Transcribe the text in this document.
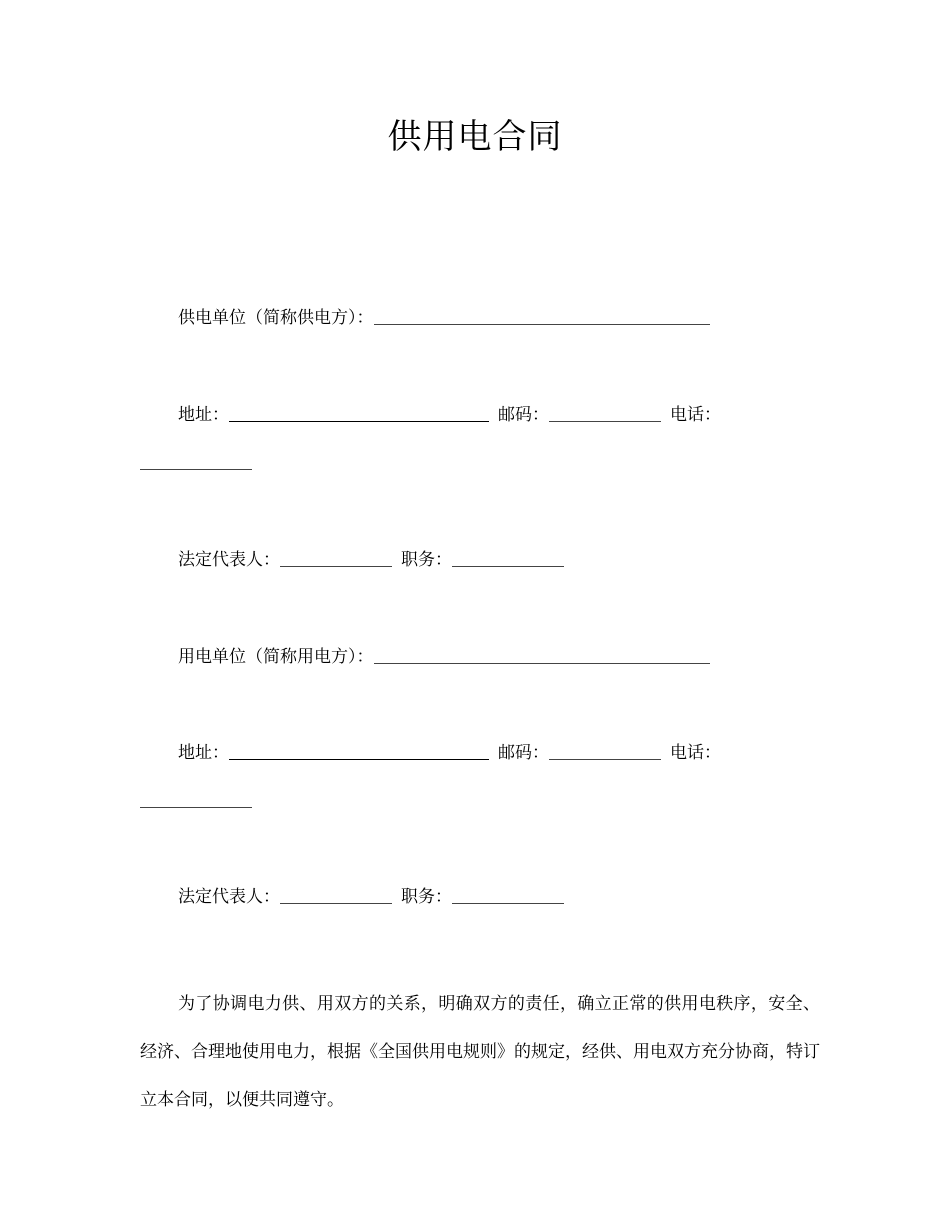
供用电合同
供电单位（简称供电方）：
地址：	邮码：	电话：
法定代表人：	职务：
用电单位（简称用电方）：
地址：	邮码：	电话：
法定代表人：	职务：

为了协调电力供、用双方的关系，明确双方的责任，确立正常的供用电秩序，安全、经济、合理地使用电力，根据《全国供用电规则》的规定，经供、用电双方充分协商，特订立本合同，以便共同遵守。
